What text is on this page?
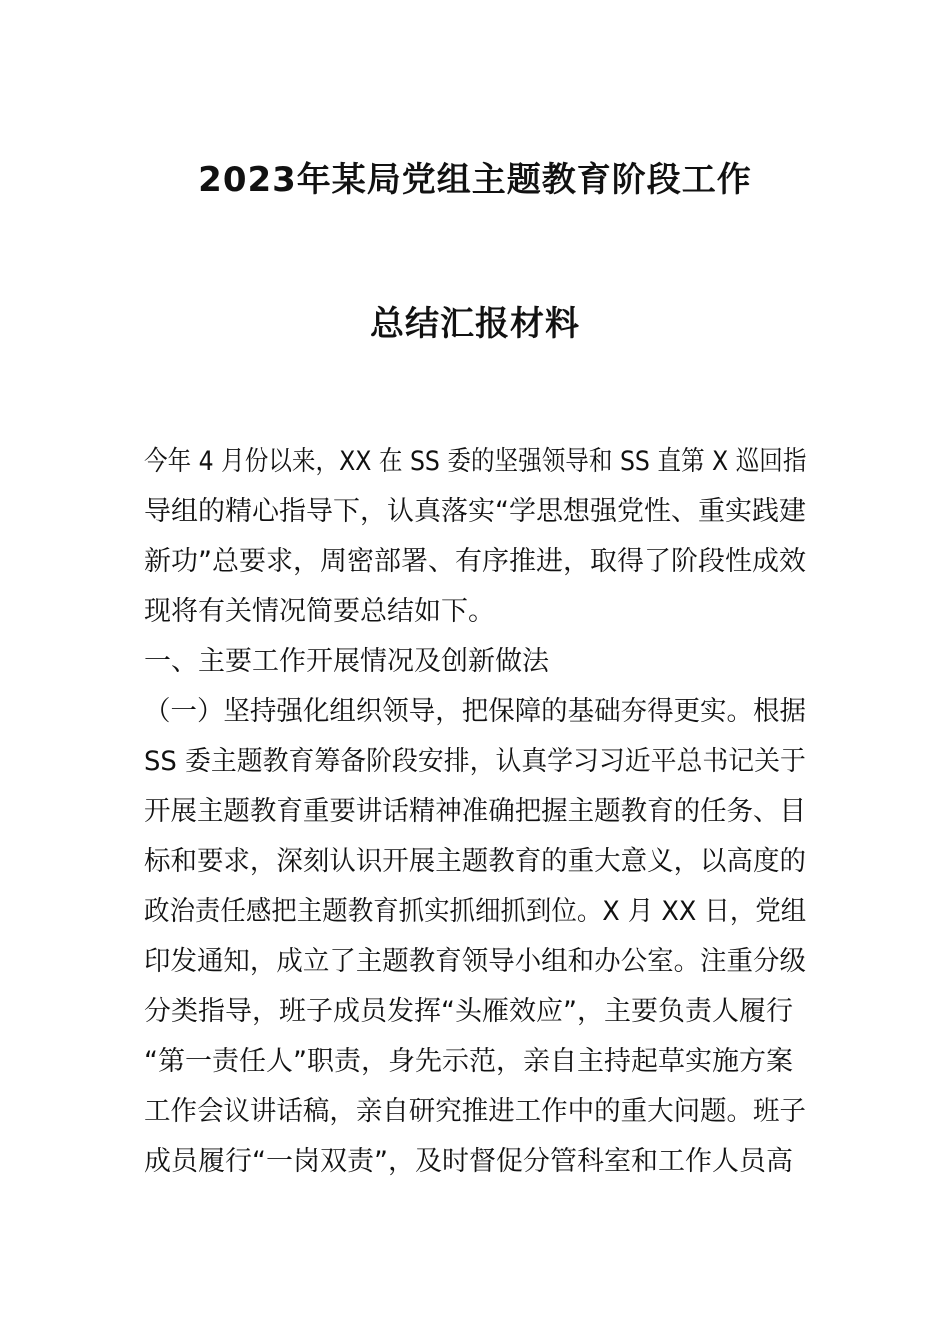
2023年某局党组主题教育阶段工作
总结汇报材料
今年 4 月份以来，XX 在 SS 委的坚强领导和 SS 直第 X 巡回指
导组的精心指导下，认真落实“学思想强党性、重实践建
新功”总要求，周密部署、有序推进，取得了阶段性成效
现将有关情况简要总结如下。
一、主要工作开展情况及创新做法
（一）坚持强化组织领导，把保障的基础夯得更实。根据
SS 委主题教育筹备阶段安排，认真学习习近平总书记关于
开展主题教育重要讲话精神准确把握主题教育的任务、目
标和要求，深刻认识开展主题教育的重大意义，以高度的
政治责任感把主题教育抓实抓细抓到位。X 月 XX 日，党组
印发通知，成立了主题教育领导小组和办公室。注重分级
分类指导，班子成员发挥“头雁效应”，主要负责人履行
“第一责任人”职责，身先示范，亲自主持起草实施方案
工作会议讲话稿，亲自研究推进工作中的重大问题。班子
成员履行“一岗双责”，及时督促分管科室和工作人员高
